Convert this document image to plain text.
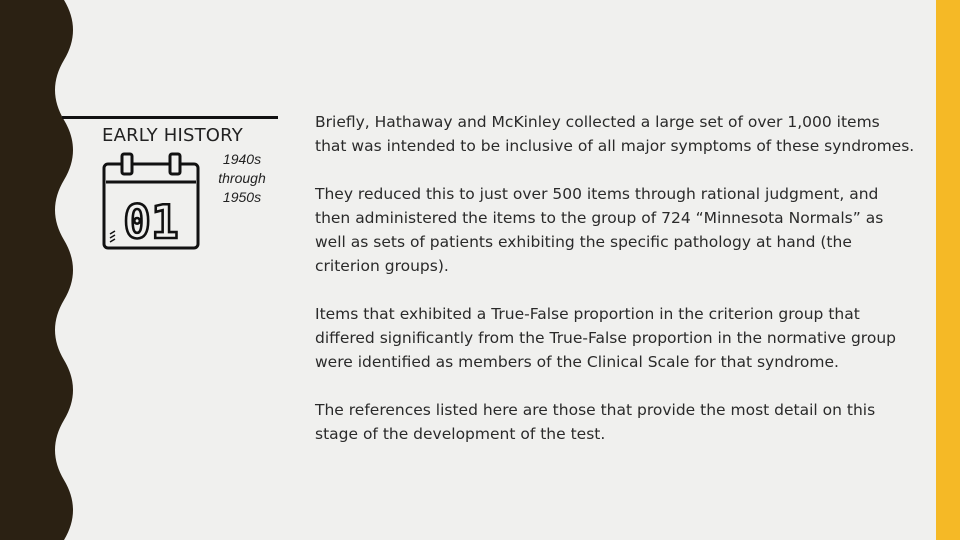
EARLY HISTORY
01
1940s
through
1950s

Briefly, Hathaway and McKinley collected a large set of over 1,000 items that was intended to be inclusive of all major symptoms of these syndromes.

They reduced this to just over 500 items through rational judgment, and then administered the items to the group of 724 “Minnesota Normals” as well as sets of patients exhibiting the specific pathology at hand (the criterion groups).

Items that exhibited a True-False proportion in the criterion group that differed significantly from the True-False proportion in the normative group were identified as members of the Clinical Scale for that syndrome.

The references listed here are those that provide the most detail on this stage of the development of the test.
